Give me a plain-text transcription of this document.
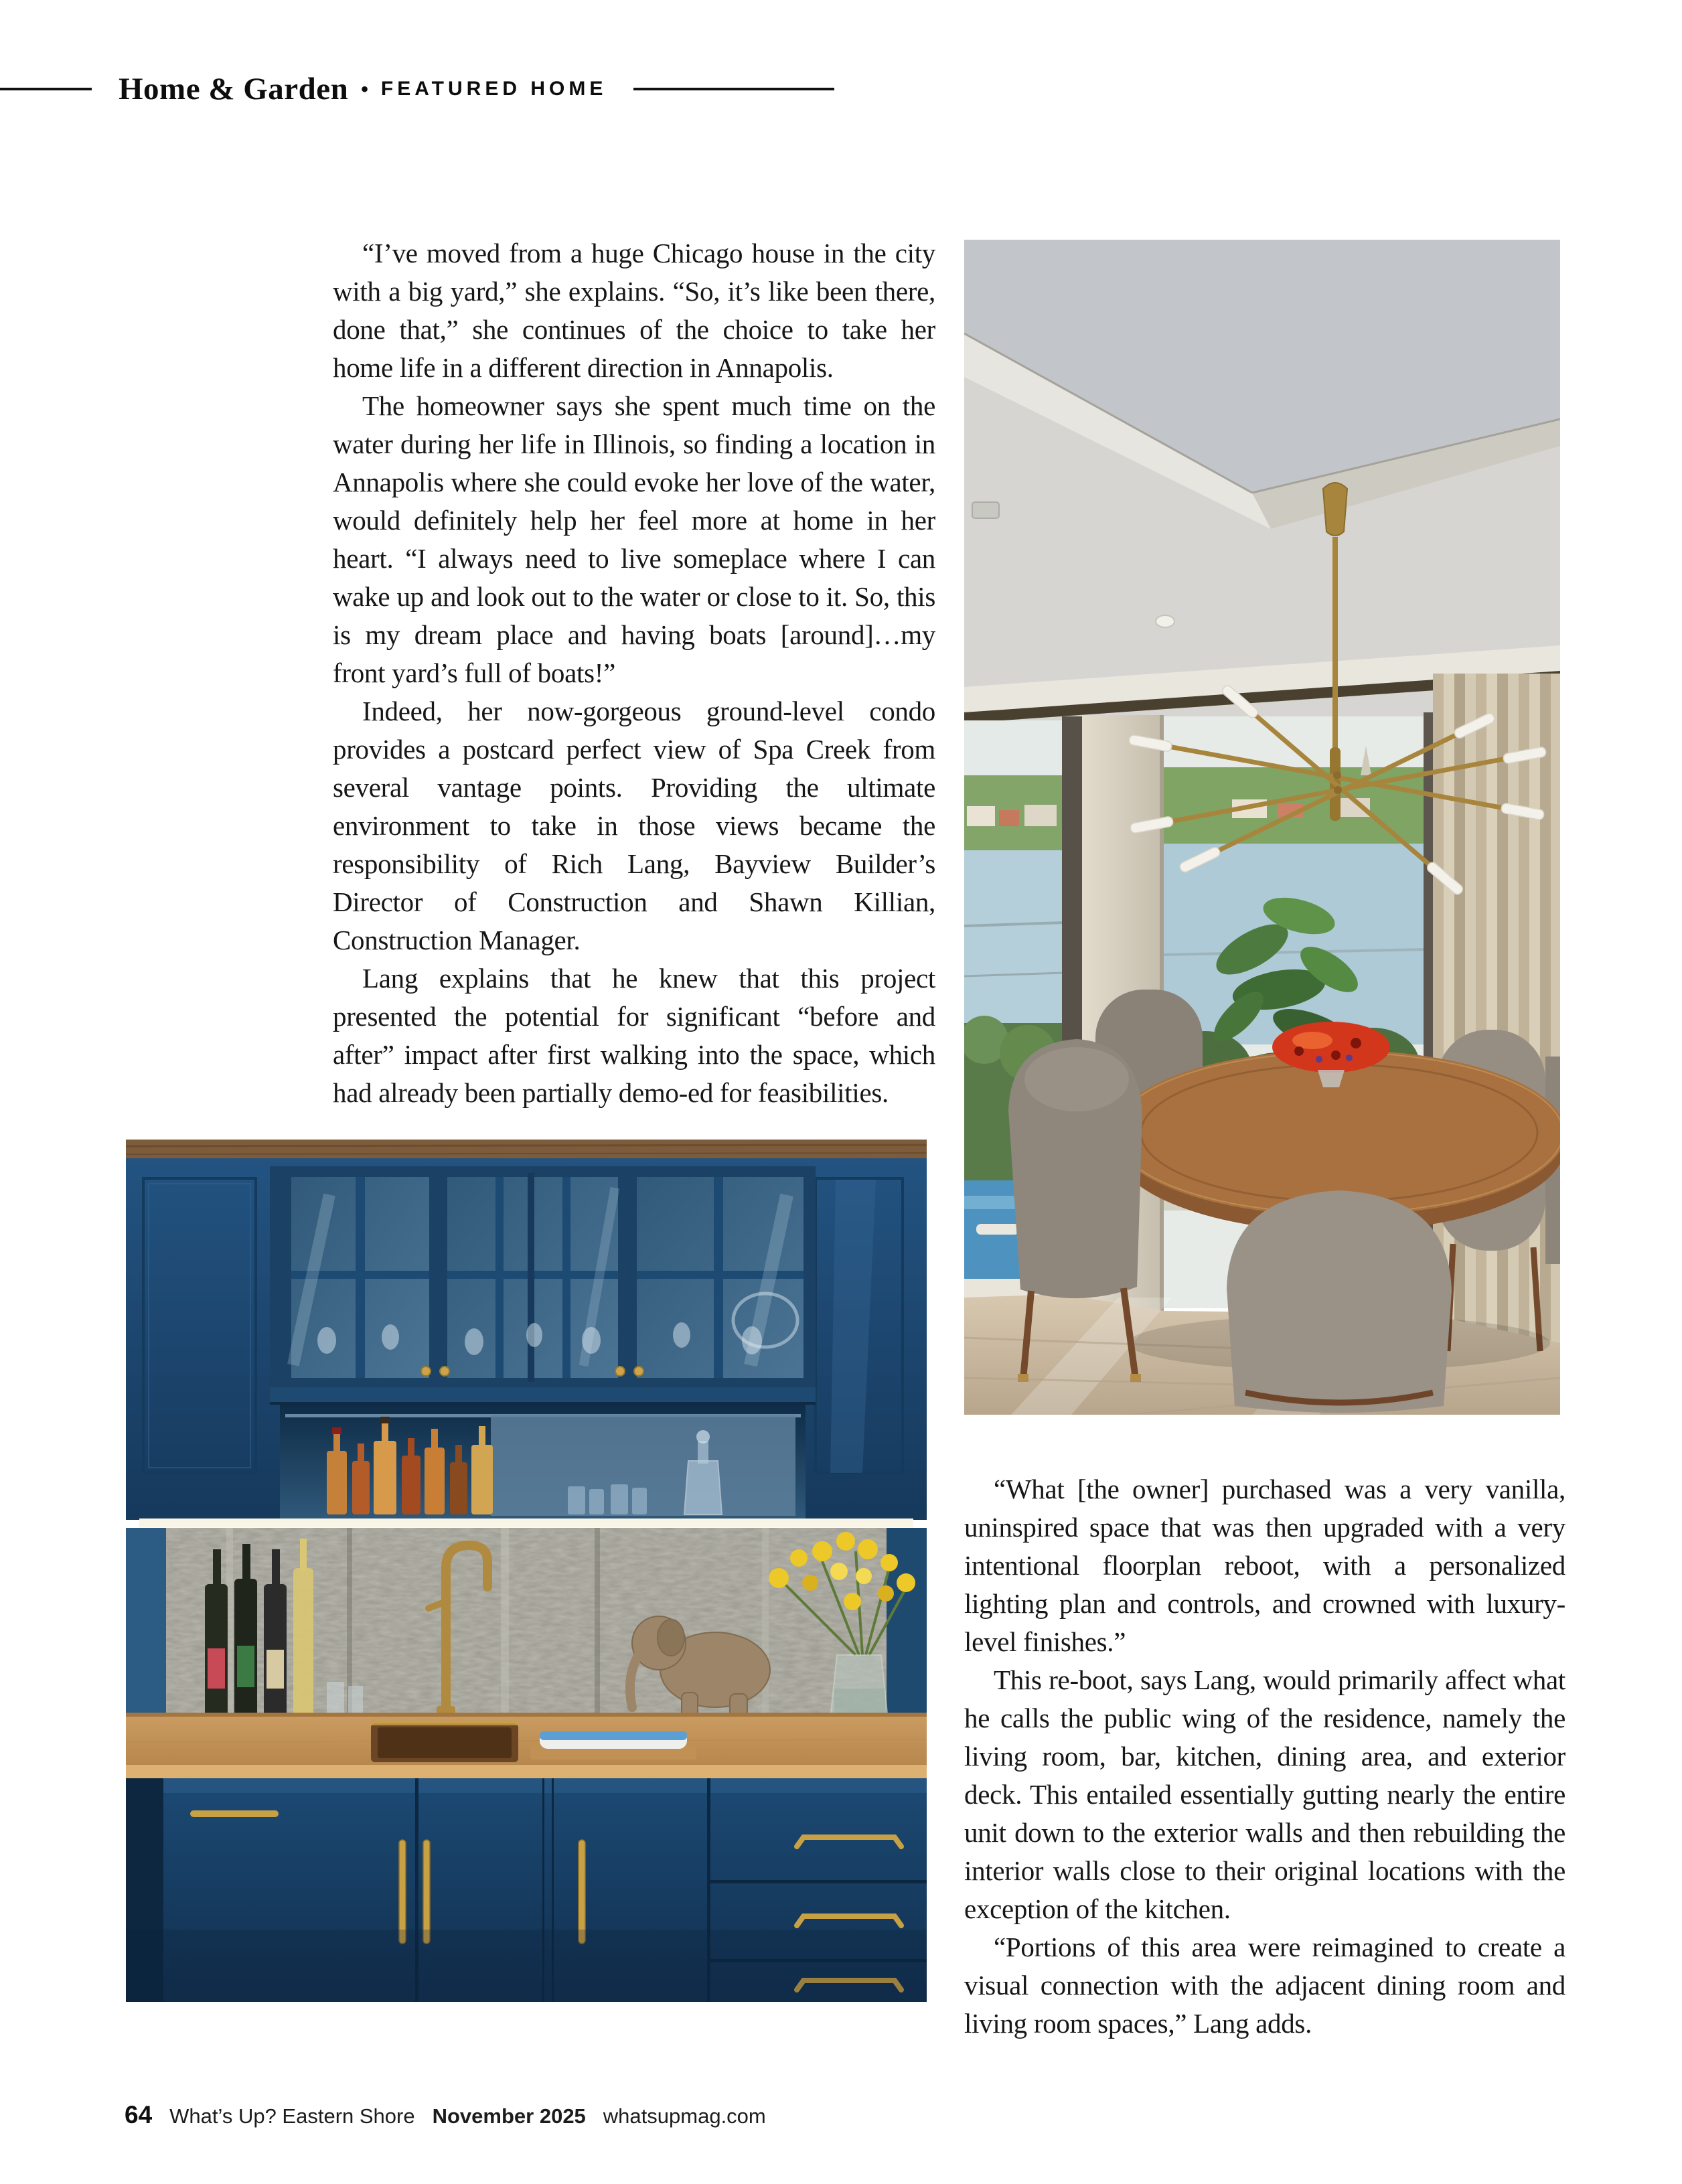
Home & Garden • FEATURED HOME

“I’ve moved from a huge Chicago house in the city with a big yard,” she explains. “So, it’s like been there, done that,” she continues of the choice to take her home life in a different direction in Annapolis.

The homeowner says she spent much time on the water during her life in Illinois, so finding a location in Annapolis where she could evoke her love of the water, would definitely help her feel more at home in her heart. “I always need to live someplace where I can wake up and look out to the water or close to it. So, this is my dream place and having boats [around]…my front yard’s full of boats!”

Indeed, her now-gorgeous ground-level condo provides a postcard perfect view of Spa Creek from several vantage points. Providing the ultimate environment to take in those views became the responsibility of Rich Lang, Bayview Builder’s Director of Construction and Shawn Killian, Construction Manager.

Lang explains that he knew that this project presented the potential for significant “before and after” impact after first walking into the space, which had already been partially demo-ed for feasibilities.

“What [the owner] purchased was a very vanilla, uninspired space that was then upgraded with a very intentional floorplan reboot, with a personalized lighting plan and controls, and crowned with luxury-level finishes.”

This re-boot, says Lang, would primarily affect what he calls the public wing of the residence, namely the living room, bar, kitchen, dining area, and exterior deck. This entailed essentially gutting nearly the entire unit down to the exterior walls and then rebuilding the interior walls close to their original locations with the exception of the kitchen.

“Portions of this area were reimagined to create a visual connection with the adjacent dining room and living room spaces,” Lang adds.

64 What’s Up? Eastern Shore November 2025 whatsupmag.com
